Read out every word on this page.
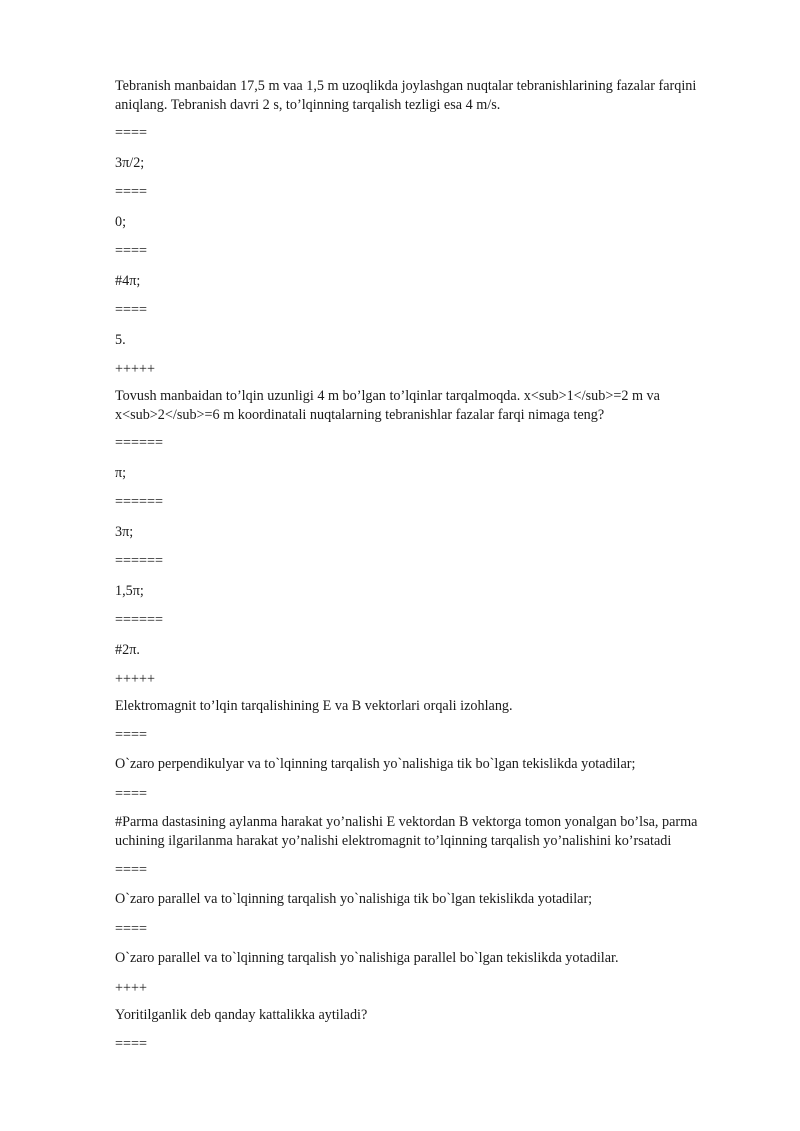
Tebranish manbaidan 17,5 m vaa 1,5 m uzoqlikda joylashgan nuqtalar tebranishlarining fazalar farqini aniqlang. Tebranish davri 2 s, to’lqinning tarqalish tezligi esa 4 m/s.
====
3π/2;
====
0;
====
#4π;
====
5.
+++++
Tovush manbaidan to’lqin uzunligi 4 m bo’lgan to’lqinlar tarqalmoqda. x<sub>1</sub>=2 m va x<sub>2</sub>=6 m koordinatali nuqtalarning tebranishlar fazalar farqi nimaga teng?
======
π;
======
3π;
======
1,5π;
======
#2π.
+++++
Elektromagnit to’lqin tarqalishining E va B vektorlari orqali izohlang.
====
O`zaro perpendikulyar va to`lqinning tarqalish yo`nalishiga tik bo`lgan tekislikda yotadilar;
====
#Parma dastasining aylanma harakat yo’nalishi E vektordan B vektorga tomon yonalgan bo’lsa, parma uchining ilgarilanma harakat yo’nalishi elektromagnit to’lqinning tarqalish yo’nalishini ko’rsatadi
====
O`zaro parallel va to`lqinning tarqalish yo`nalishiga tik bo`lgan tekislikda yotadilar;
====
O`zaro parallel va to`lqinning tarqalish yo`nalishiga parallel bo`lgan tekislikda yotadilar.
++++
Yoritilganlik deb qanday kattalikka aytiladi?
====
